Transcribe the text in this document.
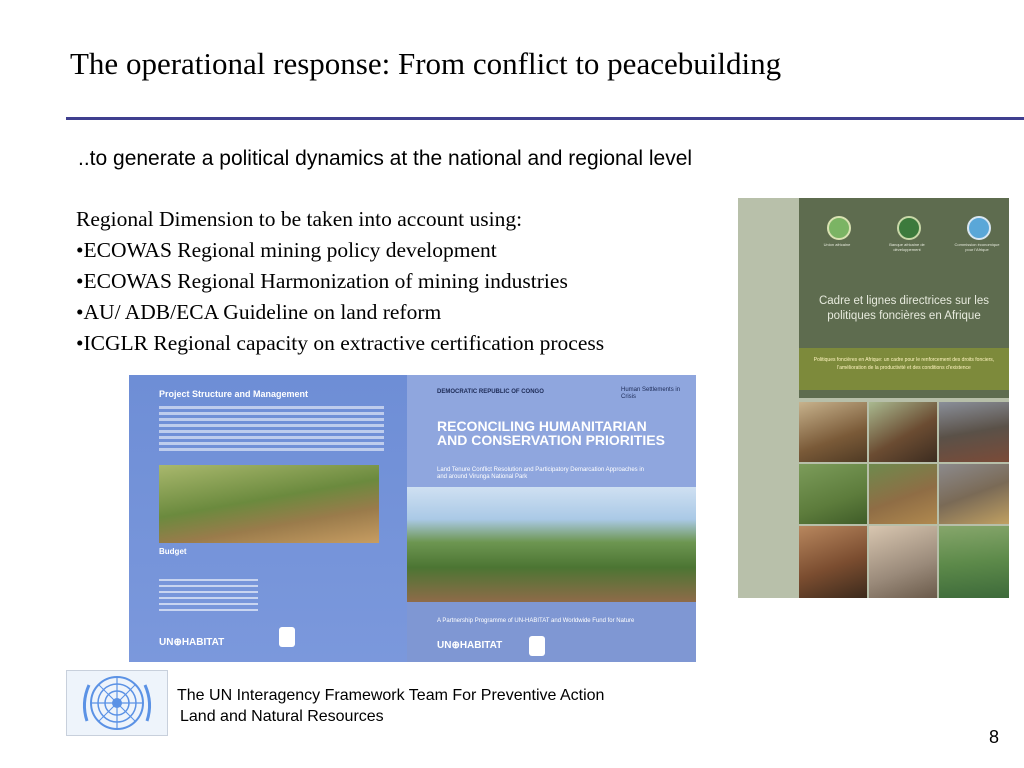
The operational response: From conflict to peacebuilding
..to generate a political dynamics at the national and regional level
Regional Dimension to be taken into account using:
•ECOWAS Regional mining policy development
•ECOWAS Regional Harmonization of mining industries
•AU/ ADB/ECA Guideline on land reform
•ICGLR Regional capacity on extractive certification process
Project Structure and Management
Budget
UN⊕HABITAT
DEMOCRATIC REPUBLIC OF CONGO	Human Settlements in Crisis
RECONCILING HUMANITARIAN AND CONSERVATION PRIORITIES
Land Tenure Conflict Resolution and Participatory Demarcation Approaches in and around Virunga National Park
A Partnership Programme of UN-HABITAT and Worldwide Fund for Nature
UN⊕HABITAT
Union africaine	Banque africaine de développement
Commission économique pour l'Afrique
Cadre et lignes directrices sur les politiques foncières en Afrique
Politiques foncières en Afrique: un cadre pour le renforcement des droits fonciers, l'amélioration de la productivité et des conditions d'existence
The UN Interagency Framework Team For Preventive Action
Land and Natural Resources
8
